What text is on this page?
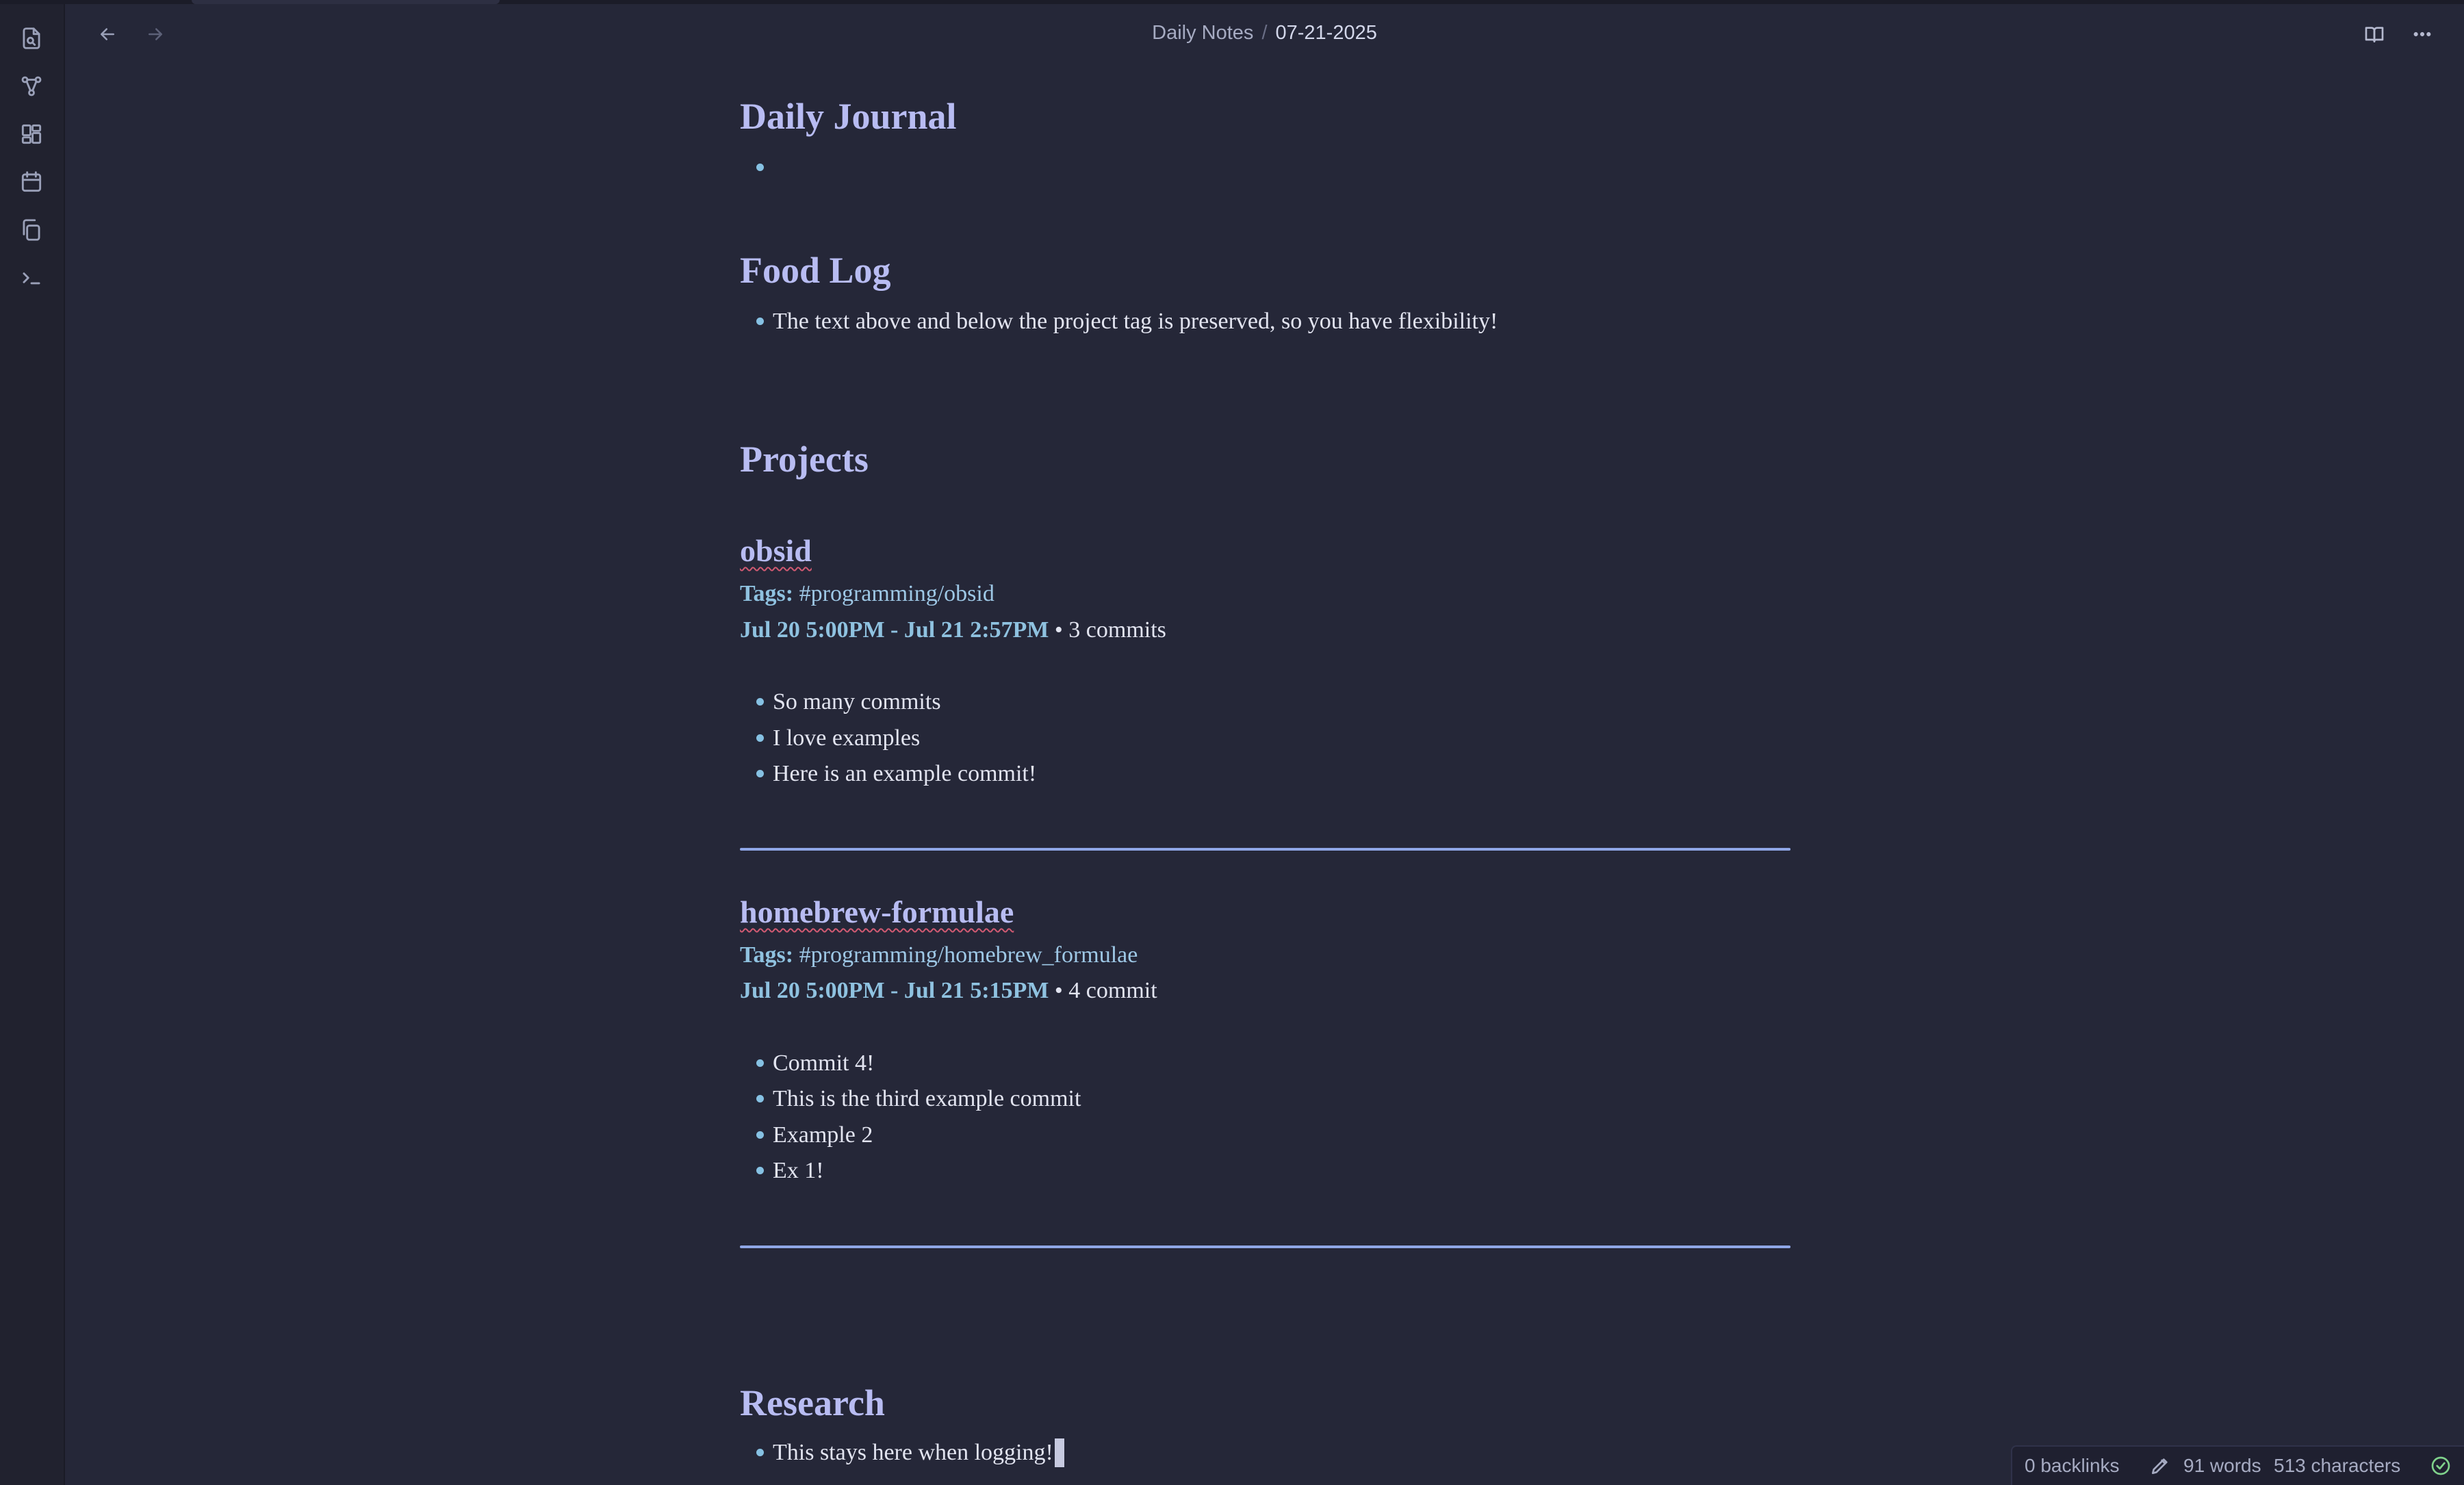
Daily Notes / 07-21-2025
Daily Journal
Food Log
The text above and below the project tag is preserved, so you have flexibility!
Projects
obsid
Tags: #programming/obsid
Jul 20 5:00PM - Jul 21 2:57PM • 3 commits
So many commits
I love examples
Here is an example commit!
homebrew-formulae
Tags: #programming/homebrew_formulae
Jul 20 5:00PM - Jul 21 5:15PM • 4 commit
Commit 4!
This is the third example commit
Example 2
Ex 1!
Research
This stays here when logging!
0 backlinks	91 words 513 characters
